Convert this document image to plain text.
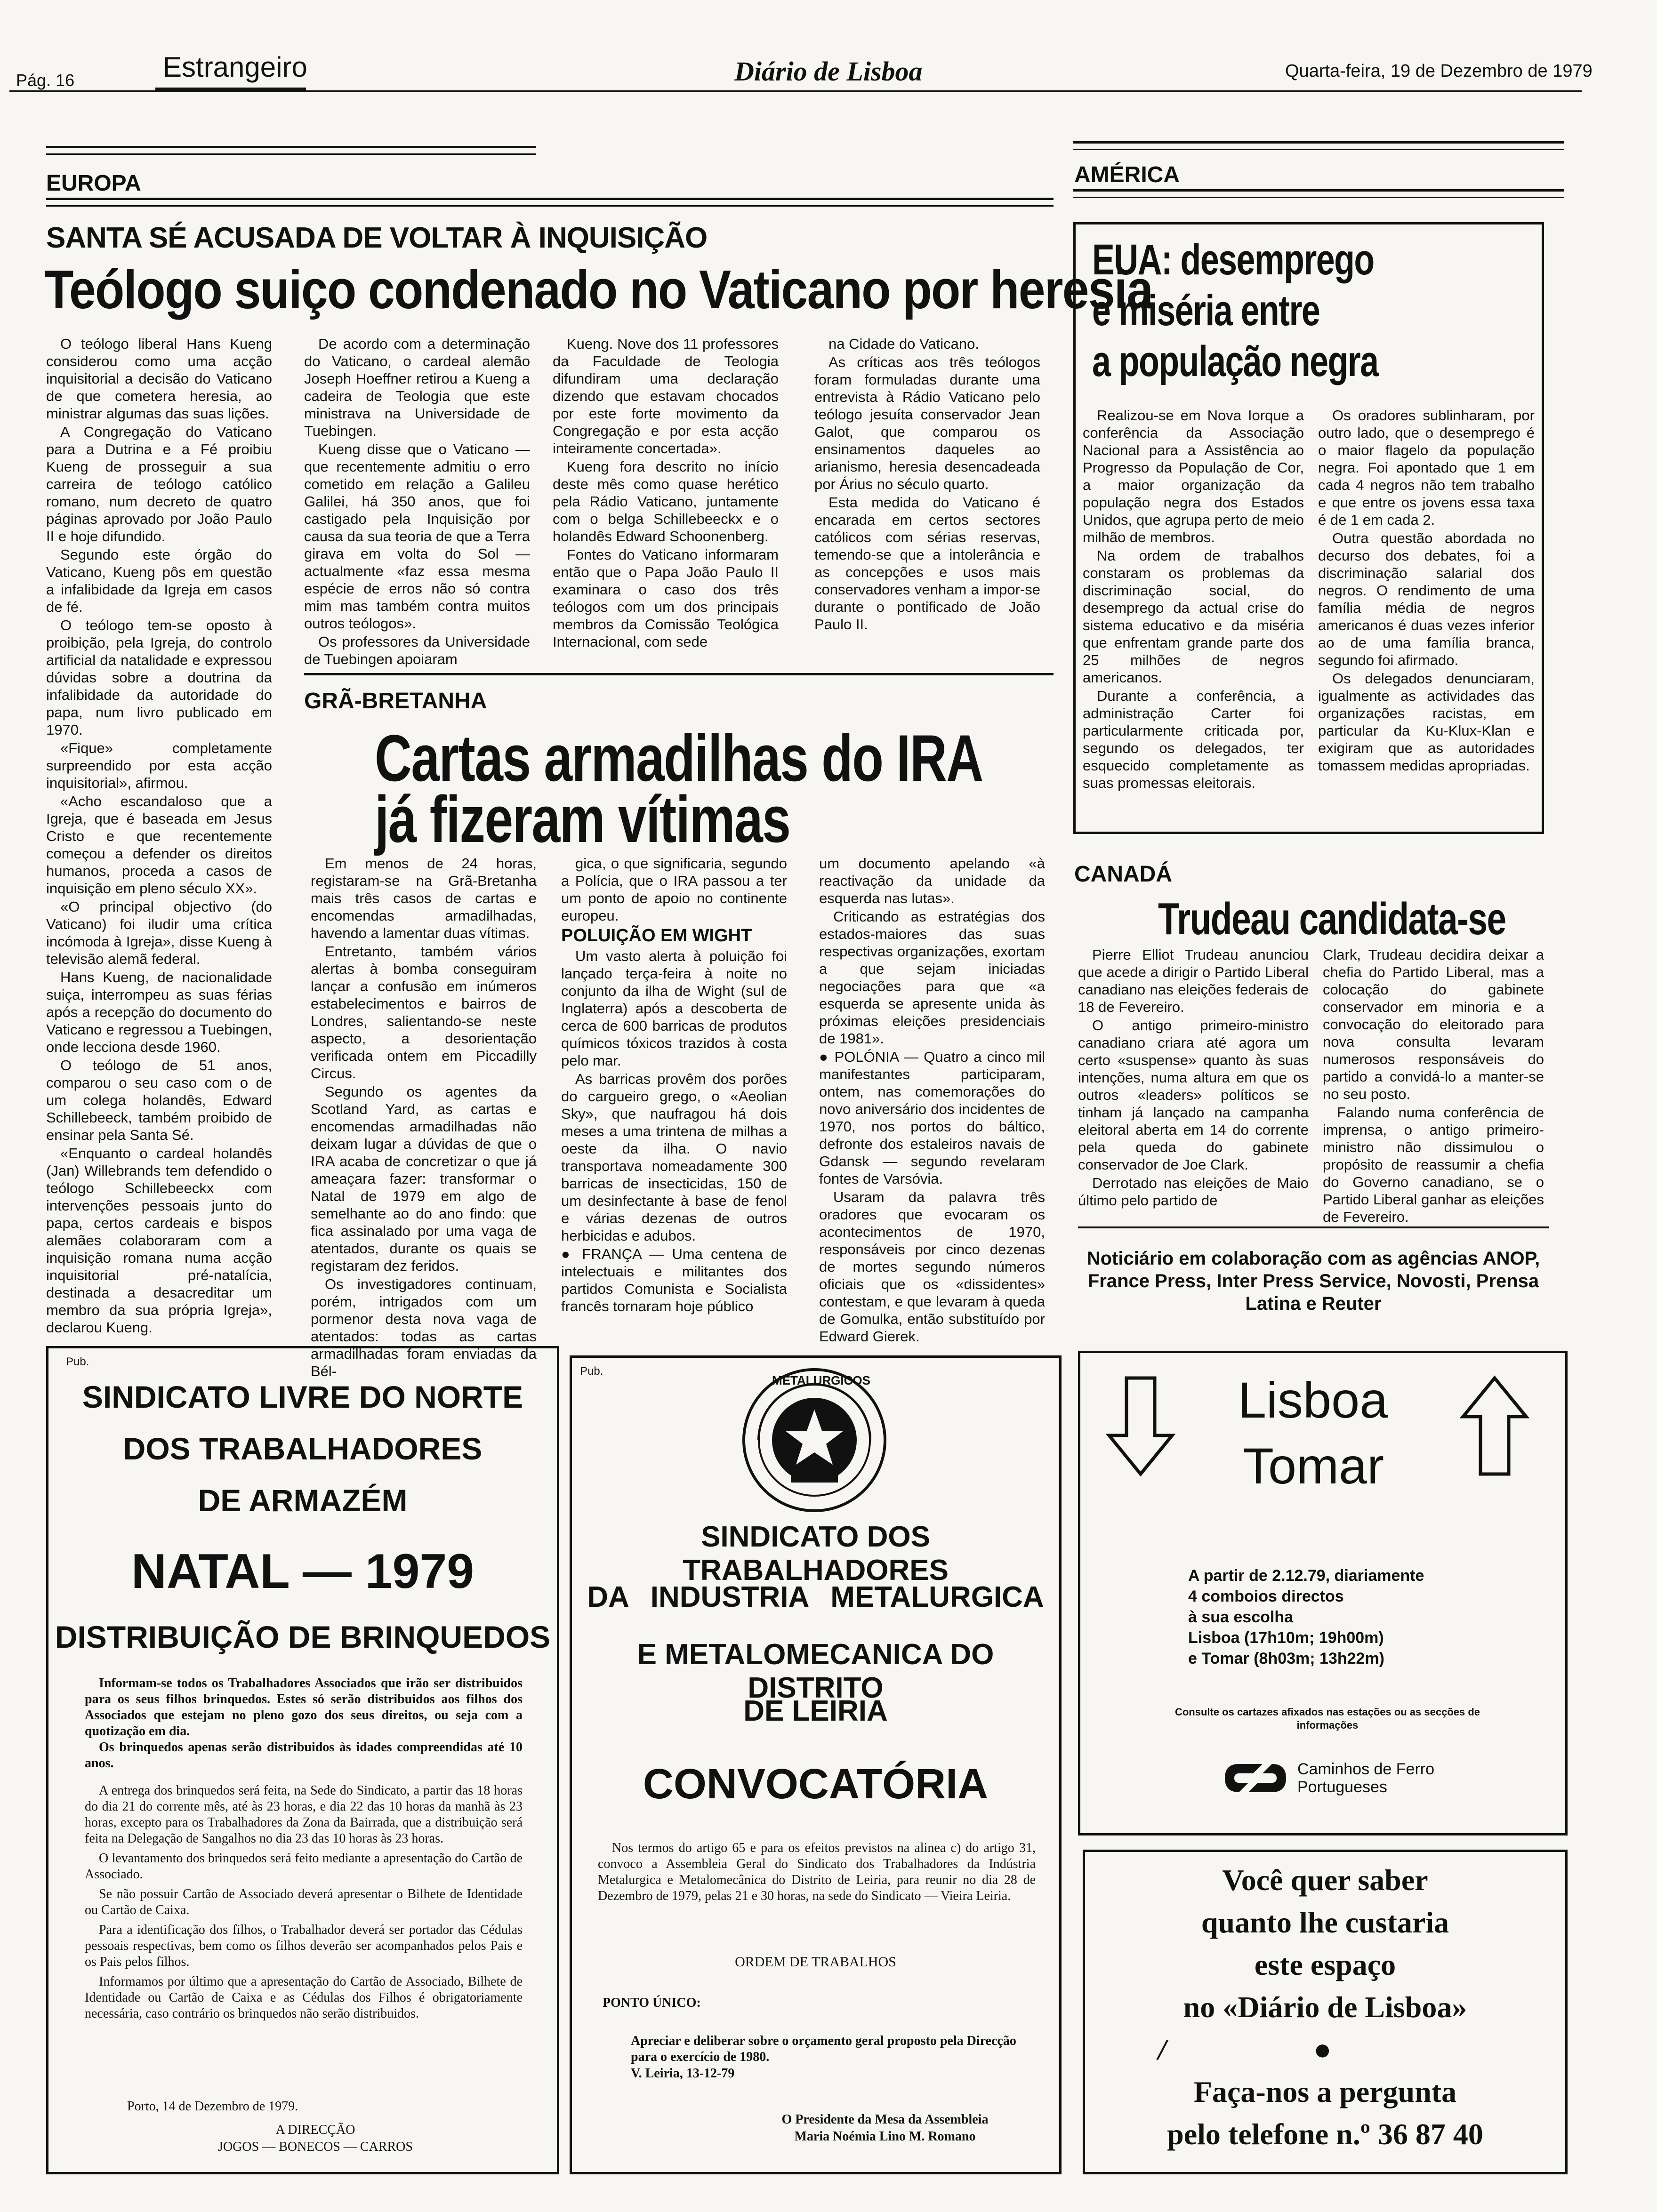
Pág. 16	Estrangeiro	Diário de Lisboa	Quarta-feira, 19 de Dezembro de 1979
EUROPA
SANTA SÉ ACUSADA DE VOLTAR À INQUISIÇÃO
Teólogo suiço condenado no Vaticano por heresia

O teólogo liberal Hans Kueng considerou como uma acção inquisitorial a decisão do Vaticano de que cometera heresia, ao ministrar algumas das suas lições.

A Congregação do Vaticano para a Dutrina e a Fé proibiu Kueng de prosseguir a sua carreira de teólogo católico romano, num decreto de quatro páginas aprovado por João Paulo II e hoje difundido.

Segundo este órgão do Vaticano, Kueng pôs em questão a infalibidade da Igreja em casos de fé.

O teólogo tem-se oposto à proibição, pela Igreja, do controlo artificial da natalidade e expressou dúvidas sobre a doutrina da infalibidade da autoridade do papa, num livro publicado em 1970.

«Fique» completamente surpreendido por esta acção inquisitorial», afirmou.

«Acho escandaloso que a Igreja, que é baseada em Jesus Cristo e que recentemente começou a defender os direitos humanos, proceda a casos de inquisição em pleno século XX».

«O principal objectivo (do Vaticano) foi iludir uma crítica incómoda à Igreja», disse Kueng à televisão alemã federal.

Hans Kueng, de nacionalidade suiça, interrompeu as suas férias após a recepção do documento do Vaticano e regressou a Tuebingen, onde lecciona desde 1960.

O teólogo de 51 anos, comparou o seu caso com o de um colega holandês, Edward Schillebeeck, também proibido de ensinar pela Santa Sé.

«Enquanto o cardeal holandês (Jan) Willebrands tem defendido o teólogo Schillebeeckx com intervenções pessoais junto do papa, certos cardeais e bispos alemães colaboraram com a inquisição romana numa acção inquisitorial pré-natalícia, destinada a desacreditar um membro da sua própria Igreja», declarou Kueng.

De acordo com a determinação do Vaticano, o cardeal alemão Joseph Hoeffner retirou a Kueng a cadeira de Teologia que este ministrava na Universidade de Tuebingen.

Kueng disse que o Vaticano — que recentemente admitiu o erro cometido em relação a Galileu Galilei, há 350 anos, que foi castigado pela Inquisição por causa da sua teoria de que a Terra girava em volta do Sol — actualmente «faz essa mesma espécie de erros não só contra mim mas também contra muitos outros teólogos».

Os professores da Universidade de Tuebingen apoiaram

Kueng. Nove dos 11 professores da Faculdade de Teologia difundiram uma declaração dizendo que estavam chocados por este forte movimento da Congregação e por esta acção inteiramente concertada».

Kueng fora descrito no início deste mês como quase herético pela Rádio Vaticano, juntamente com o belga Schillebeeckx e o holandês Edward Schoonenberg.

Fontes do Vaticano informaram então que o Papa João Paulo II examinara o caso dos três teólogos com um dos principais membros da Comissão Teológica Internacional, com sede

na Cidade do Vaticano.

As críticas aos três teólogos foram formuladas durante uma entrevista à Rádio Vaticano pelo teólogo jesuíta conservador Jean Galot, que comparou os ensinamentos daqueles ao arianismo, heresia desencadeada por Árius no século quarto.

Esta medida do Vaticano é encarada em certos sectores católicos com sérias reservas, temendo-se que a intolerância e as concepções e usos mais conservadores venham a impor-se durante o pontificado de João Paulo II.

GRÃ-BRETANHA
Cartas armadilhas do IRA
já fizeram vítimas

Em menos de 24 horas, registaram-se na Grã-Bretanha mais três casos de cartas e encomendas armadilhadas, havendo a lamentar duas vítimas.

Entretanto, também vários alertas à bomba conseguiram lançar a confusão em inúmeros estabelecimentos e bairros de Londres, salientando-se neste aspecto, a desorientação verificada ontem em Piccadilly Circus.

Segundo os agentes da Scotland Yard, as cartas e encomendas armadilhadas não deixam lugar a dúvidas de que o IRA acaba de concretizar o que já ameaçara fazer: transformar o Natal de 1979 em algo de semelhante ao do ano findo: que fica assinalado por uma vaga de atentados, durante os quais se registaram dez feridos.

Os investigadores continuam, porém, intrigados com um pormenor desta nova vaga de atentados: todas as cartas armadilhadas foram enviadas da Bél-

gica, o que significaria, segundo a Polícia, que o IRA passou a ter um ponto de apoio no continente europeu.

POLUIÇÃO EM WIGHT

Um vasto alerta à poluição foi lançado terça-feira à noite no conjunto da ilha de Wight (sul de Inglaterra) após a descoberta de cerca de 600 barricas de produtos químicos tóxicos trazidos à costa pelo mar.

As barricas provêm dos porões do cargueiro grego, o «Aeolian Sky», que naufragou há dois meses a uma trintena de milhas a oeste da ilha. O navio transportava nomeadamente 300 barricas de insecticidas, 150 de um desinfectante à base de fenol e várias dezenas de outros herbicidas e adubos.

● FRANÇA — Uma centena de intelectuais e militantes dos partidos Comunista e Socialista francês tornaram hoje público

um documento apelando «à reactivação da unidade da esquerda nas lutas».

Criticando as estratégias dos estados-maiores das suas respectivas organizações, exortam a que sejam iniciadas negociações para que «a esquerda se apresente unida às próximas eleições presidenciais de 1981».

● POLÓNIA — Quatro a cinco mil manifestantes participaram, ontem, nas comemorações do novo aniversário dos incidentes de 1970, nos portos do báltico, defronte dos estaleiros navais de Gdansk — segundo revelaram fontes de Varsóvia.

Usaram da palavra três oradores que evocaram os acontecimentos de 1970, responsáveis por cinco dezenas de mortes segundo números oficiais que os «dissidentes» contestam, e que levaram à queda de Gomulka, então substituído por Edward Gierek.

AMÉRICA
EUA: desemprego
e miséria entre
a população negra

Realizou-se em Nova Iorque a conferência da Associação Nacional para a Assistência ao Progresso da População de Cor, a maior organização da população negra dos Estados Unidos, que agrupa perto de meio milhão de membros.

Na ordem de trabalhos constaram os problemas da discriminação social, do desemprego da actual crise do sistema educativo e da miséria que enfrentam grande parte dos 25 milhões de negros americanos.

Durante a conferência, a administração Carter foi particularmente criticada por, segundo os delegados, ter esquecido completamente as suas promessas eleitorais.

Os oradores sublinharam, por outro lado, que o desemprego é o maior flagelo da população negra. Foi apontado que 1 em cada 4 negros não tem trabalho e que entre os jovens essa taxa é de 1 em cada 2.

Outra questão abordada no decurso dos debates, foi a discriminação salarial dos negros. O rendimento de uma família média de negros americanos é duas vezes inferior ao de uma família branca, segundo foi afirmado.

Os delegados denunciaram, igualmente as actividades das organizações racistas, em particular da Ku-Klux-Klan e exigiram que as autoridades tomassem medidas apropriadas.

CANADÁ
Trudeau candidata-se

Pierre Elliot Trudeau anunciou que acede a dirigir o Partido Liberal canadiano nas eleições federais de 18 de Fevereiro.

O antigo primeiro-ministro canadiano criara até agora um certo «suspense» quanto às suas intenções, numa altura em que os outros «leaders» políticos se tinham já lançado na campanha eleitoral aberta em 14 do corrente pela queda do gabinete conservador de Joe Clark.

Derrotado nas eleições de Maio último pelo partido de

Clark, Trudeau decidira deixar a chefia do Partido Liberal, mas a colocação do gabinete conservador em minoria e a convocação do eleitorado para nova consulta levaram numerosos responsáveis do partido a convidá-lo a manter-se no seu posto.

Falando numa conferência de imprensa, o antigo primeiro-ministro não dissimulou o propósito de reassumir a chefia do Governo canadiano, se o Partido Liberal ganhar as eleições de Fevereiro.

Noticiário em colaboração com as agências ANOP, France Press, Inter Press Service, Novosti, Prensa Latina e Reuter
Pub.
SINDICATO LIVRE DO NORTE
DOS TRABALHADORES
DE ARMAZÉM
NATAL — 1979
DISTRIBUIÇÃO DE BRINQUEDOS

Informam-se todos os Trabalhadores Associados que irão ser distribuidos para os seus filhos brinquedos. Estes só serão distribuidos aos filhos dos Associados que estejam no pleno gozo dos seus direitos, ou seja com a quotização em dia.

Os brinquedos apenas serão distribuidos às idades compreendidas até 10 anos.

A entrega dos brinquedos será feita, na Sede do Sindicato, a partir das 18 horas do dia 21 do corrente mês, até às 23 horas, e dia 22 das 10 horas da manhã às 23 horas, excepto para os Trabalhadores da Zona da Bairrada, que a distribuição será feita na Delegação de Sangalhos no dia 23 das 10 horas às 23 horas.

O levantamento dos brinquedos será feito mediante a apresentação do Cartão de Associado.

Se não possuir Cartão de Associado deverá apresentar o Bilhete de Identidade ou Cartão de Caixa.

Para a identificação dos filhos, o Trabalhador deverá ser portador das Cédulas pessoais respectivas, bem como os filhos deverão ser acompanhados pelos Pais e os Pais pelos filhos.

Informamos por último que a apresentação do Cartão de Associado, Bilhete de Identidade ou Cartão de Caixa e as Cédulas dos Filhos é obrigatoriamente necessária, caso contrário os brinquedos não serão distribuidos.

Porto, 14 de Dezembro de 1979.
A DIRECÇÃO
JOGOS — BONECOS — CARROS
Pub.
METALURGICOS
SINDICATO DOS TRABALHADORES
DA INDUSTRIA METALURGICA
E METALOMECANICA DO DISTRITO
DE LEIRIA
CONVOCATÓRIA
Nos termos do artigo 65 e para os efeitos previstos na alinea c) do artigo 31, convoco a Assembleia Geral do Sindicato dos Trabalhadores da Indústria Metalurgica e Metalomecânica do Distrito de Leiria, para reunir no dia 28 de Dezembro de 1979, pelas 21 e 30 horas, na sede do Sindicato — Vieira Leiria.
ORDEM DE TRABALHOS
PONTO ÚNICO:
Apreciar e deliberar sobre o orçamento geral proposto pela Direcção para o exercício de 1980.
V. Leiria, 13-12-79
O Presidente da Mesa da Assembleia
Maria Noémia Lino M. Romano
Lisboa
Tomar
A partir de 2.12.79, diariamente
4 comboios directos
à sua escolha
Lisboa (17h10m; 19h00m)
e Tomar (8h03m; 13h22m)
Consulte os cartazes afixados nas estações ou as secções de informações
Caminhos de Ferro
Portugueses
Você quer saber
quanto lhe custaria
este espaço
no «Diário de Lisboa»
/	●
Faça-nos a pergunta
pelo telefone n.º 36 87 40
